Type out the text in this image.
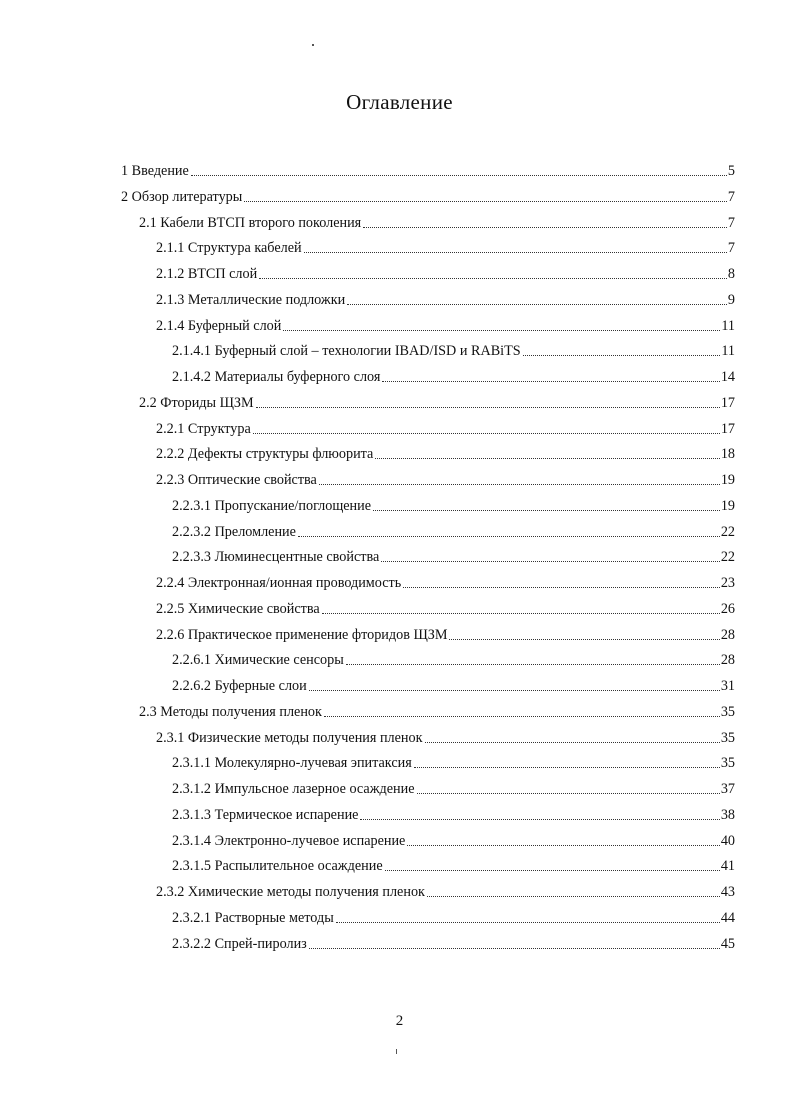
Оглавление
1 Введение	5
2 Обзор литературы	7
2.1 Кабели ВТСП второго поколения	7
2.1.1 Структура кабелей	7
2.1.2 ВТСП слой	8
2.1.3 Металлические подложки	9
2.1.4 Буферный слой	11
2.1.4.1 Буферный слой – технологии IBAD/ISD и RABiTS	11
2.1.4.2 Материалы буферного слоя	14
2.2 Фториды ЩЗМ	17
2.2.1 Структура	17
2.2.2 Дефекты структуры флюорита	18
2.2.3 Оптические свойства	19
2.2.3.1 Пропускание/поглощение	19
2.2.3.2 Преломление	22
2.2.3.3 Люминесцентные свойства	22
2.2.4 Электронная/ионная проводимость	23
2.2.5 Химические свойства	26
2.2.6 Практическое применение фторидов ЩЗМ	28
2.2.6.1 Химические сенсоры	28
2.2.6.2 Буферные слои	31
2.3 Методы получения пленок	35
2.3.1 Физические методы получения пленок	35
2.3.1.1 Молекулярно-лучевая эпитаксия	35
2.3.1.2 Импульсное лазерное осаждение	37
2.3.1.3 Термическое испарение	38
2.3.1.4 Электронно-лучевое испарение	40
2.3.1.5 Распылительное осаждение	41
2.3.2 Химические методы получения пленок	43
2.3.2.1 Растворные методы	44
2.3.2.2 Спрей-пиролиз	45
2
